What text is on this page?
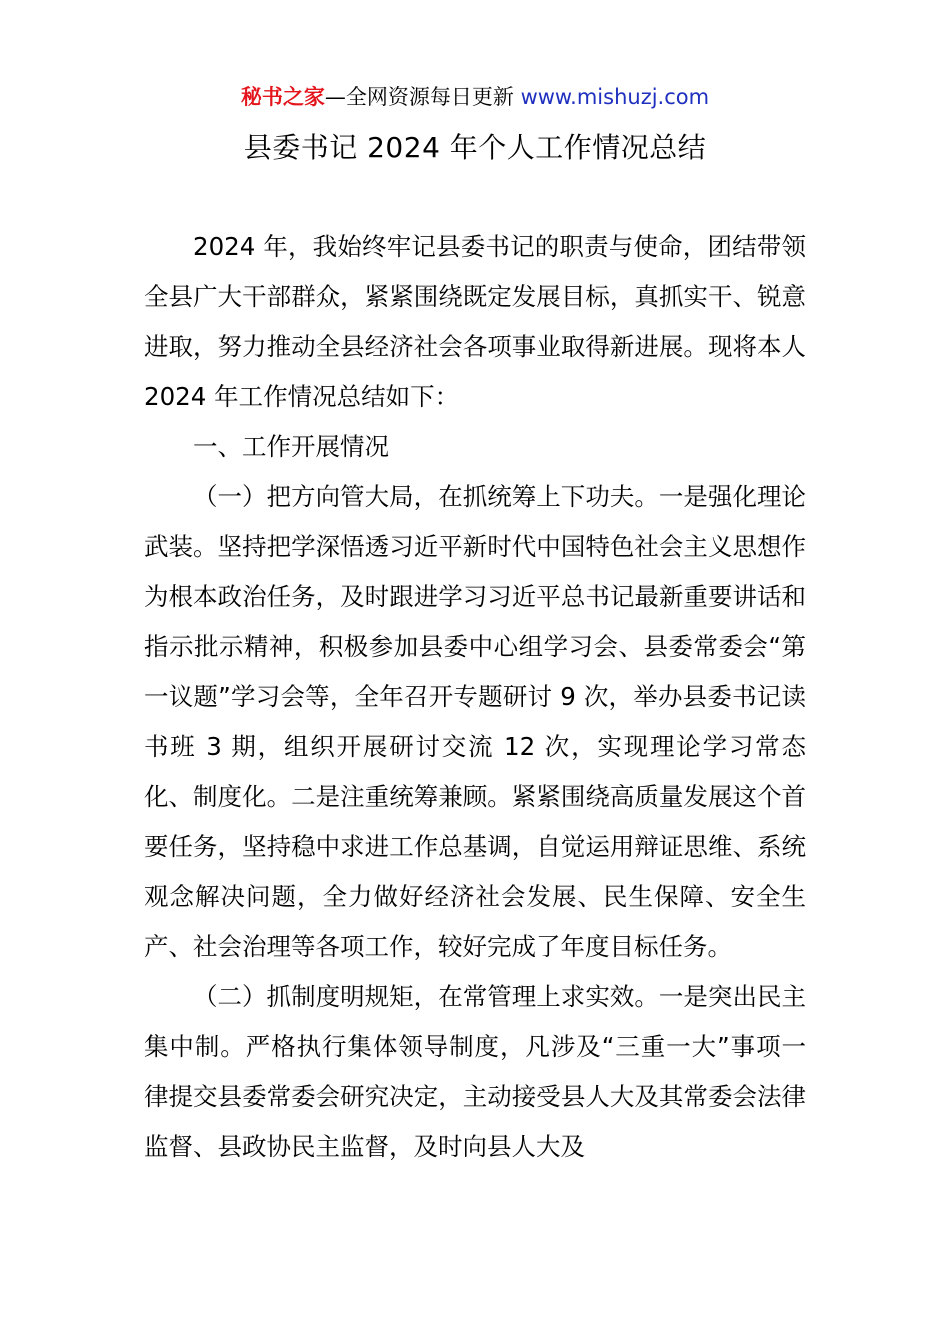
秘书之家—全网资源每日更新 www.mishuzj.com
县委书记 2024 年个人工作情况总结

2024 年，我始终牢记县委书记的职责与使命，团结带领全县广大干部群众，紧紧围绕既定发展目标，真抓实干、锐意进取，努力推动全县经济社会各项事业取得新进展。现将本人 2024 年工作情况总结如下：

一、工作开展情况

（一）把方向管大局，在抓统筹上下功夫。一是强化理论武装。坚持把学深悟透习近平新时代中国特色社会主义思想作为根本政治任务，及时跟进学习习近平总书记最新重要讲话和指示批示精神，积极参加县委中心组学习会、县委常委会“第一议题”学习会等，全年召开专题研讨 9 次，举办县委书记读书班 3 期，组织开展研讨交流 12 次，实现理论学习常态化、制度化。二是注重统筹兼顾。紧紧围绕高质量发展这个首要任务，坚持稳中求进工作总基调，自觉运用辩证思维、系统观念解决问题，全力做好经济社会发展、民生保障、安全生产、社会治理等各项工作，较好完成了年度目标任务。

（二）抓制度明规矩，在常管理上求实效。一是突出民主集中制。严格执行集体领导制度，凡涉及“三重一大”事项一律提交县委常委会研究决定，主动接受县人大及其常委会法律监督、县政协民主监督，及时向县人大及
